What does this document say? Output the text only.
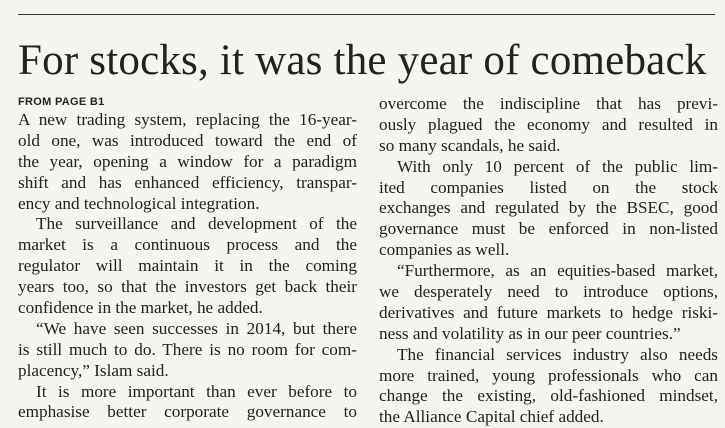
For stocks, it was the year of comeback
FROM PAGE B1
A new trading system, replacing the 16-year-
old one, was introduced toward the end of
the year, opening a window for a paradigm
shift and has enhanced efficiency, transpar-
ency and technological integration.
The surveillance and development of the
market is a continuous process and the
regulator will maintain it in the coming
years too, so that the investors get back their
confidence in the market, he added.
“We have seen successes in 2014, but there
is still much to do. There is no room for com-
placency,” Islam said.
It is more important than ever before to
emphasise better corporate governance to
overcome the indiscipline that has previ-
ously plagued the economy and resulted in
so many scandals, he said.
With only 10 percent of the public lim-
ited companies listed on the stock
exchanges and regulated by the BSEC, good
governance must be enforced in non-listed
companies as well.
“Furthermore, as an equities-based market,
we desperately need to introduce options,
derivatives and future markets to hedge riski-
ness and volatility as in our peer countries.”
The financial services industry also needs
more trained, young professionals who can
change the existing, old-fashioned mindset,
the Alliance Capital chief added.
